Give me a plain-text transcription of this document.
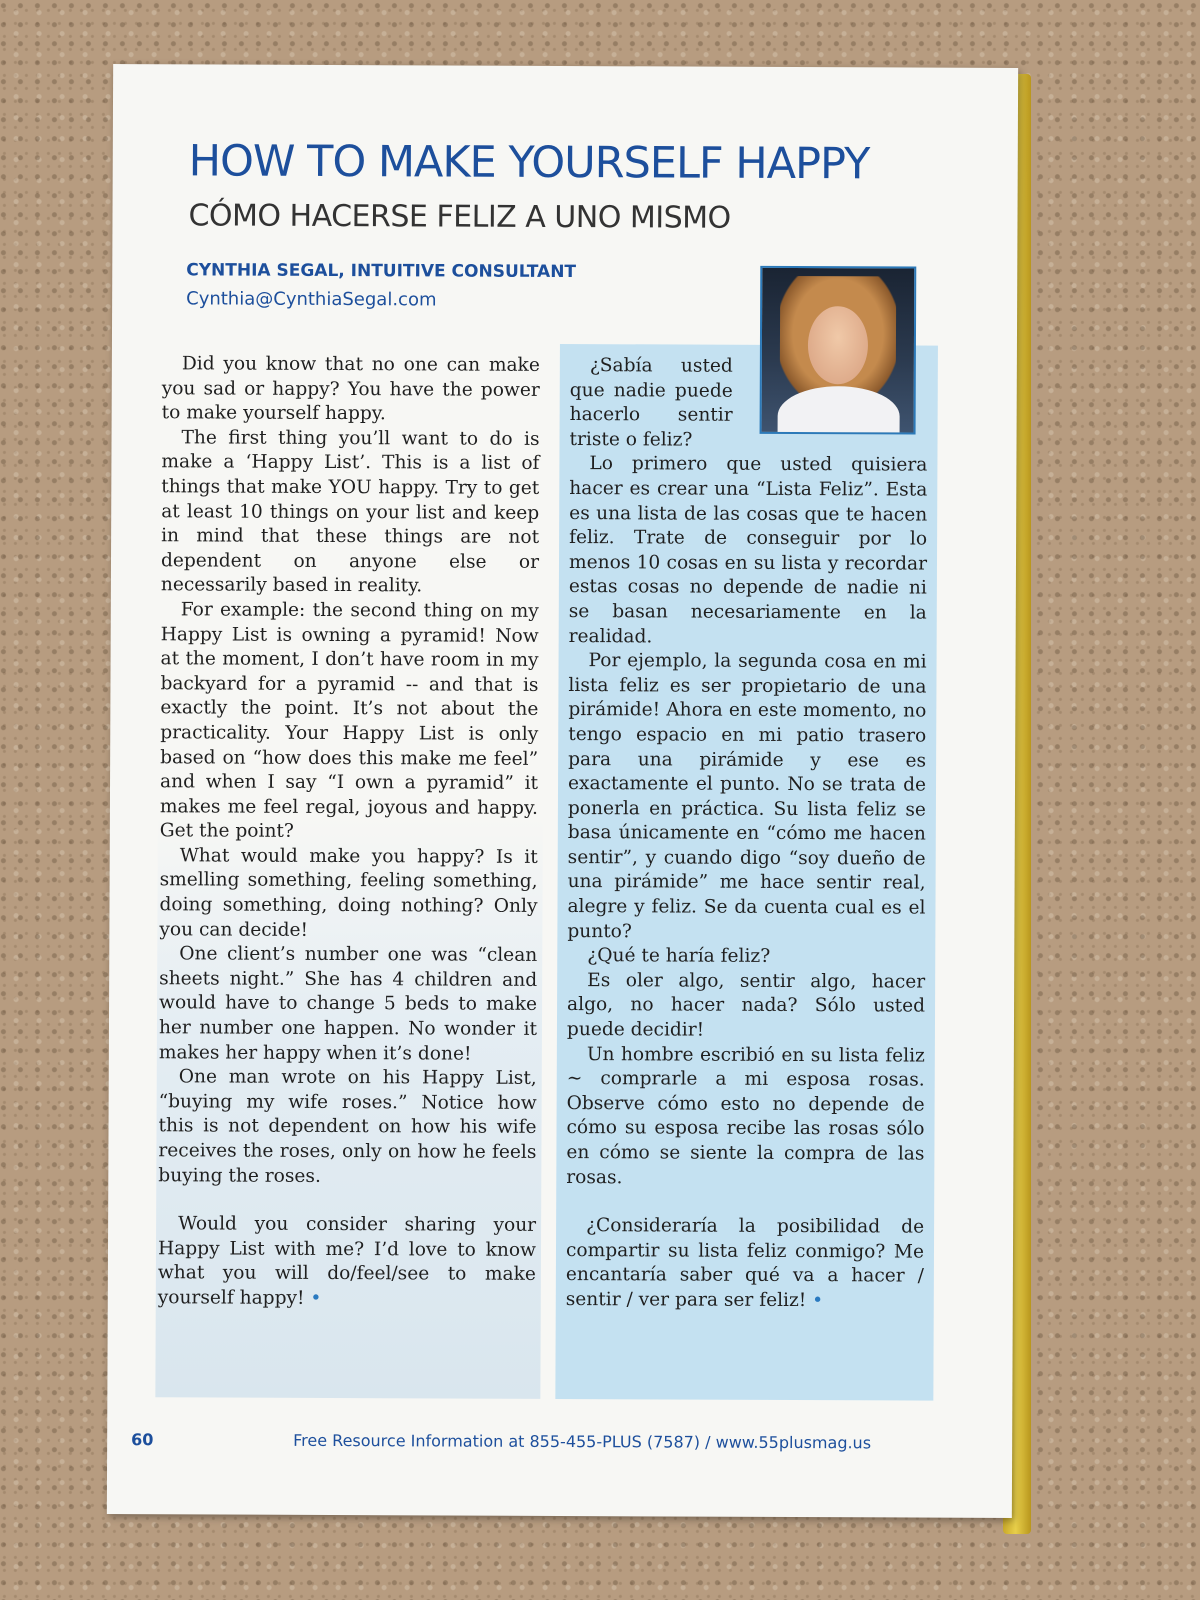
HOW TO MAKE YOURSELF HAPPY
CÓMO HACERSE FELIZ A UNO MISMO
CYNTHIA SEGAL, INTUITIVE CONSULTANT
Cynthia@CynthiaSegal.com

Did you know that no one can make you sad or happy? You have the power to make yourself happy.

The first thing you’ll want to do is make a ‘Happy List’. This is a list of things that make YOU happy. Try to get at least 10 things on your list and keep in mind that these things are not dependent on anyone else or necessarily based in reality.

For example: the second thing on my Happy List is owning a pyramid! Now at the moment, I don’t have room in my backyard for a pyramid -- and that is exactly the point. It’s not about the practicality. Your Happy List is only based on “how does this make me feel” and when I say “I own a pyramid” it makes me feel regal, joyous and happy. Get the point?

What would make you happy? Is it smelling something, feeling something, doing something, doing nothing? Only you can decide!

One client’s number one was “clean sheets night.” She has 4 children and would have to change 5 beds to make her number one happen. No wonder it makes her happy when it’s done!

One man wrote on his Happy List, “buying my wife roses.” Notice how this is not dependent on how his wife receives the roses, only on how he feels buying the roses.

Would you consider sharing your Happy List with me? I’d love to know what you will do/feel/see to make yourself happy! •

¿Sabía usted que nadie puede hacerlo sentir triste o feliz?

Lo primero que usted quisiera hacer es crear una “Lista Feliz”. Esta es una lista de las cosas que te hacen feliz. Trate de conseguir por lo menos 10 cosas en su lista y recordar estas cosas no depende de nadie ni se basan necesariamente en la realidad.

Por ejemplo, la segunda cosa en mi lista feliz es ser propietario de una pirámide! Ahora en este momento, no tengo espacio en mi patio trasero para una pirámide y ese es exactamente el punto. No se trata de ponerla en práctica. Su lista feliz se basa únicamente en “cómo me hacen sentir”, y cuando digo “soy dueño de una pirámide” me hace sentir real, alegre y feliz. Se da cuenta cual es el punto?

¿Qué te haría feliz?

Es oler algo, sentir algo, hacer algo, no hacer nada? Sólo usted puede decidir!

Un hombre escribió en su lista feliz ~ comprarle a mi esposa rosas. Observe cómo esto no depende de cómo su esposa recibe las rosas sólo en cómo se siente la compra de las rosas.

¿Consideraría la posibilidad de compartir su lista feliz conmigo? Me encantaría saber qué va a hacer / sentir / ver para ser feliz! •

60	Free Resource Information at 855-455-PLUS (7587) / www.55plusmag.us
